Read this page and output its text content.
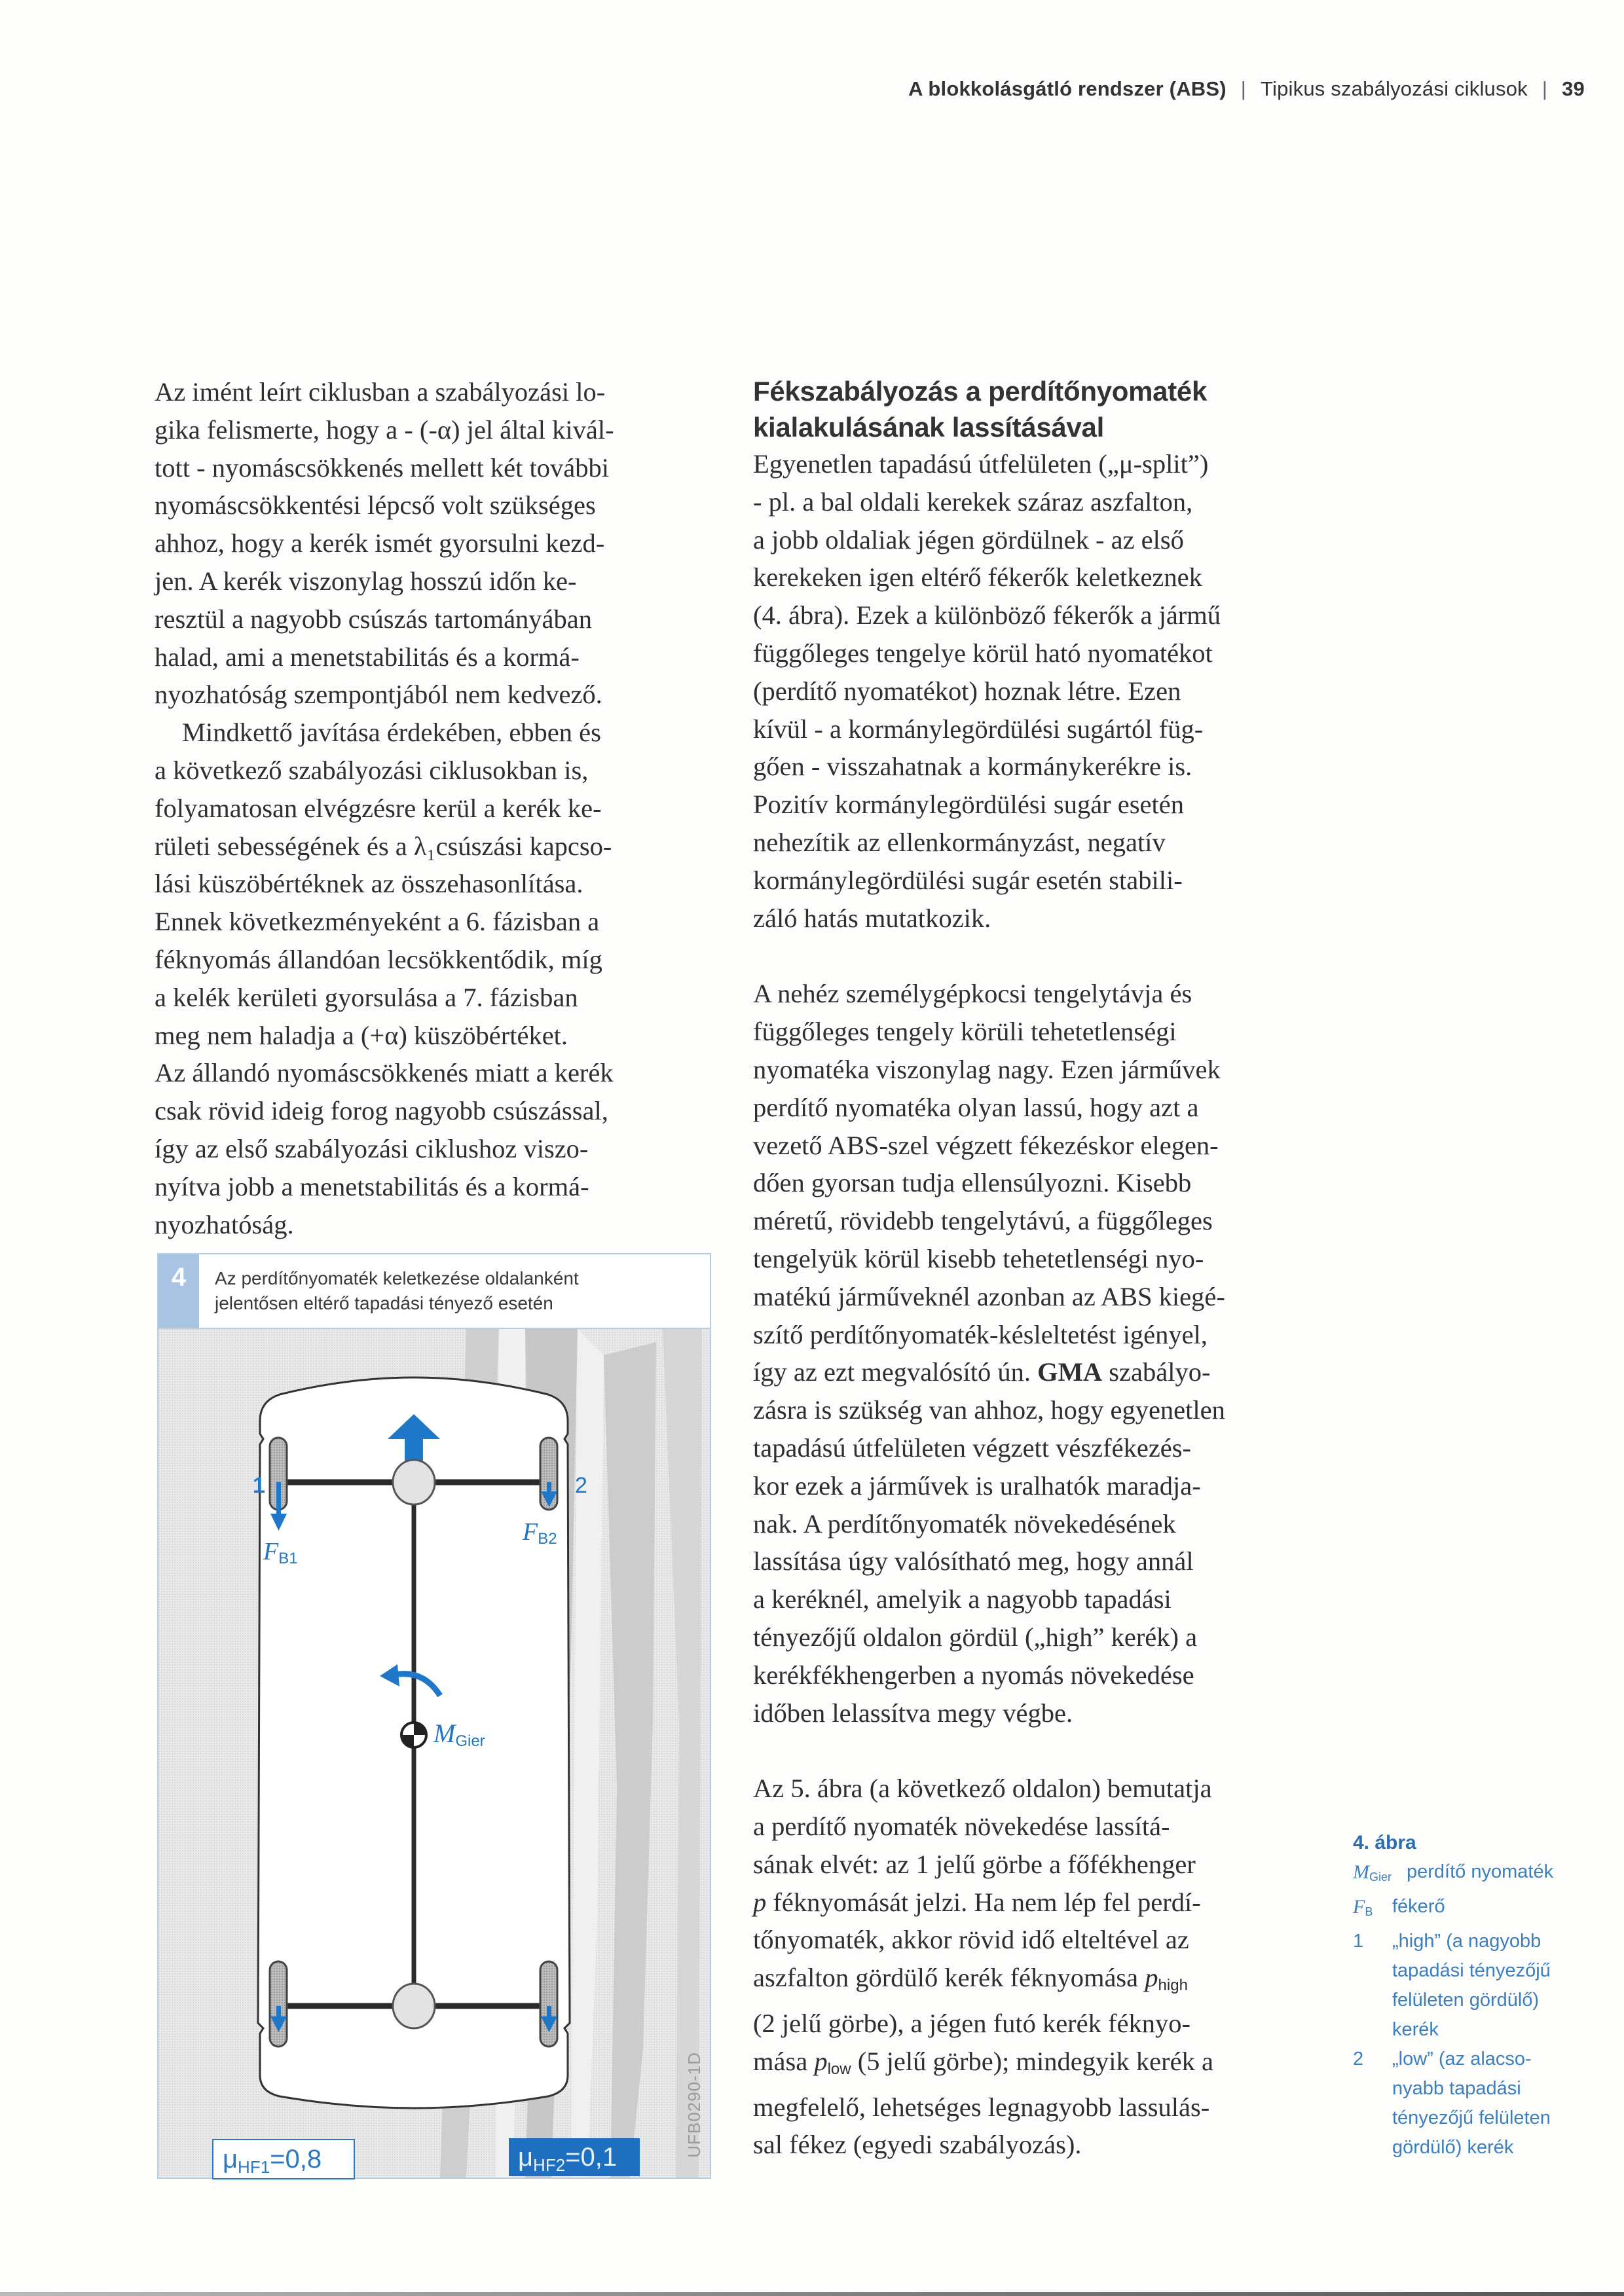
A blokkolásgátló rendszer (ABS) | Tipikus szabályozási ciklusok | 39

Az imént leírt ciklusban a szabályozási lo-
gika felismerte, hogy a - (-α) jel által kivál-
tott - nyomáscsökkenés mellett két további
nyomáscsökkentési lépcső volt szükséges
ahhoz, hogy a kerék ismét gyorsulni kezd-
jen. A kerék viszonylag hosszú időn ke-
resztül a nagyobb csúszás tartományában
halad, ami a menetstabilitás és a kormá-
nyozhatóság szempontjából nem kedvező.

Mindkettő javítása érdekében, ebben és
a következő szabályozási ciklusokban is,
folyamatosan elvégzésre kerül a kerék ke-
rületi sebességének és a λ₁csúszási kapcso-
lási küszöbértéknek az összehasonlítása.
Ennek következményeként a 6. fázisban a
féknyomás állandóan lecsökkentődik, míg
a kelék kerületi gyorsulása a 7. fázisban
meg nem haladja a (+α) küszöbértéket.
Az állandó nyomáscsökkenés miatt a kerék
csak rövid ideig forog nagyobb csúszással,
így az első szabályozási ciklushoz viszo-
nyítva jobb a menetstabilitás és a kormá-
nyozhatóság.

4	Az perdítőnyomaték keletkezése oldalanként
jelentősen eltérő tapadási tényező esetén
1	2
$F_{B1}$
$F_{B2}$
$M_{Gier}$
$\mu_{HF1}=0,8$	$\mu_{HF2}=0,1$	UFB0290-1D
Fékszabályozás a perdítőnyomaték
kialakulásának lassításával

Egyenetlen tapadású útfelületen („μ-split”)
- pl. a bal oldali kerekek száraz aszfalton,
a jobb oldaliak jégen gördülnek - az első
kerekeken igen eltérő fékerők keletkeznek
(4. ábra). Ezek a különböző fékerők a jármű
függőleges tengelye körül ható nyomatékot
(perdítő nyomatékot) hoznak létre. Ezen
kívül - a kormánylegördülési sugártól füg-
gően - visszahatnak a kormánykerékre is.
Pozitív kormánylegördülési sugár esetén
nehezítik az ellenkormányzást, negatív
kormánylegördülési sugár esetén stabili-
záló hatás mutatkozik.

A nehéz személygépkocsi tengelytávja és
függőleges tengely körüli tehetetlenségi
nyomatéka viszonylag nagy. Ezen járművek
perdítő nyomatéka olyan lassú, hogy azt a
vezető ABS-szel végzett fékezéskor elegen-
dően gyorsan tudja ellensúlyozni. Kisebb
méretű, rövidebb tengelytávú, a függőleges
tengelyük körül kisebb tehetetlenségi nyo-
matékú járműveknél azonban az ABS kiegé-
szítő perdítőnyomaték-késleltetést igényel,
így az ezt megvalósító ún. GMA szabályo-
zásra is szükség van ahhoz, hogy egyenetlen
tapadású útfelületen végzett vészfékezés-
kor ezek a járművek is uralhatók maradja-
nak. A perdítőnyomaték növekedésének
lassítása úgy valósítható meg, hogy annál
a keréknél, amelyik a nagyobb tapadási
tényezőjű oldalon gördül („high” kerék) a
kerékfékhengerben a nyomás növekedése
időben lelassítva megy végbe.

Az 5. ábra (a következő oldalon) bemutatja
a perdítő nyomaték növekedése lassítá-
sának elvét: az 1 jelű görbe a főfékhenger
p féknyomását jelzi. Ha nem lép fel perdí-
tőnyomaték, akkor rövid idő elteltével az
aszfalton gördülő kerék féknyomása $p_{high}$
(2 jelű görbe), a jégen futó kerék féknyo-
mása $p_{low}$ (5 jelű görbe); mindegyik kerék a
megfelelő, lehetséges legnagyobb lassulás-
sal fékez (egyedi szabályozás).

4. ábra
$M_{Gier}$ perdítő nyomaték
$F_B$	fékerő
1	„high” (a nagyobb
tapadási tényezőjű
felületen gördülő)
kerék
2	„low” (az alacso-
nyabb tapadási
tényezőjű felületen
gördülő) kerék
